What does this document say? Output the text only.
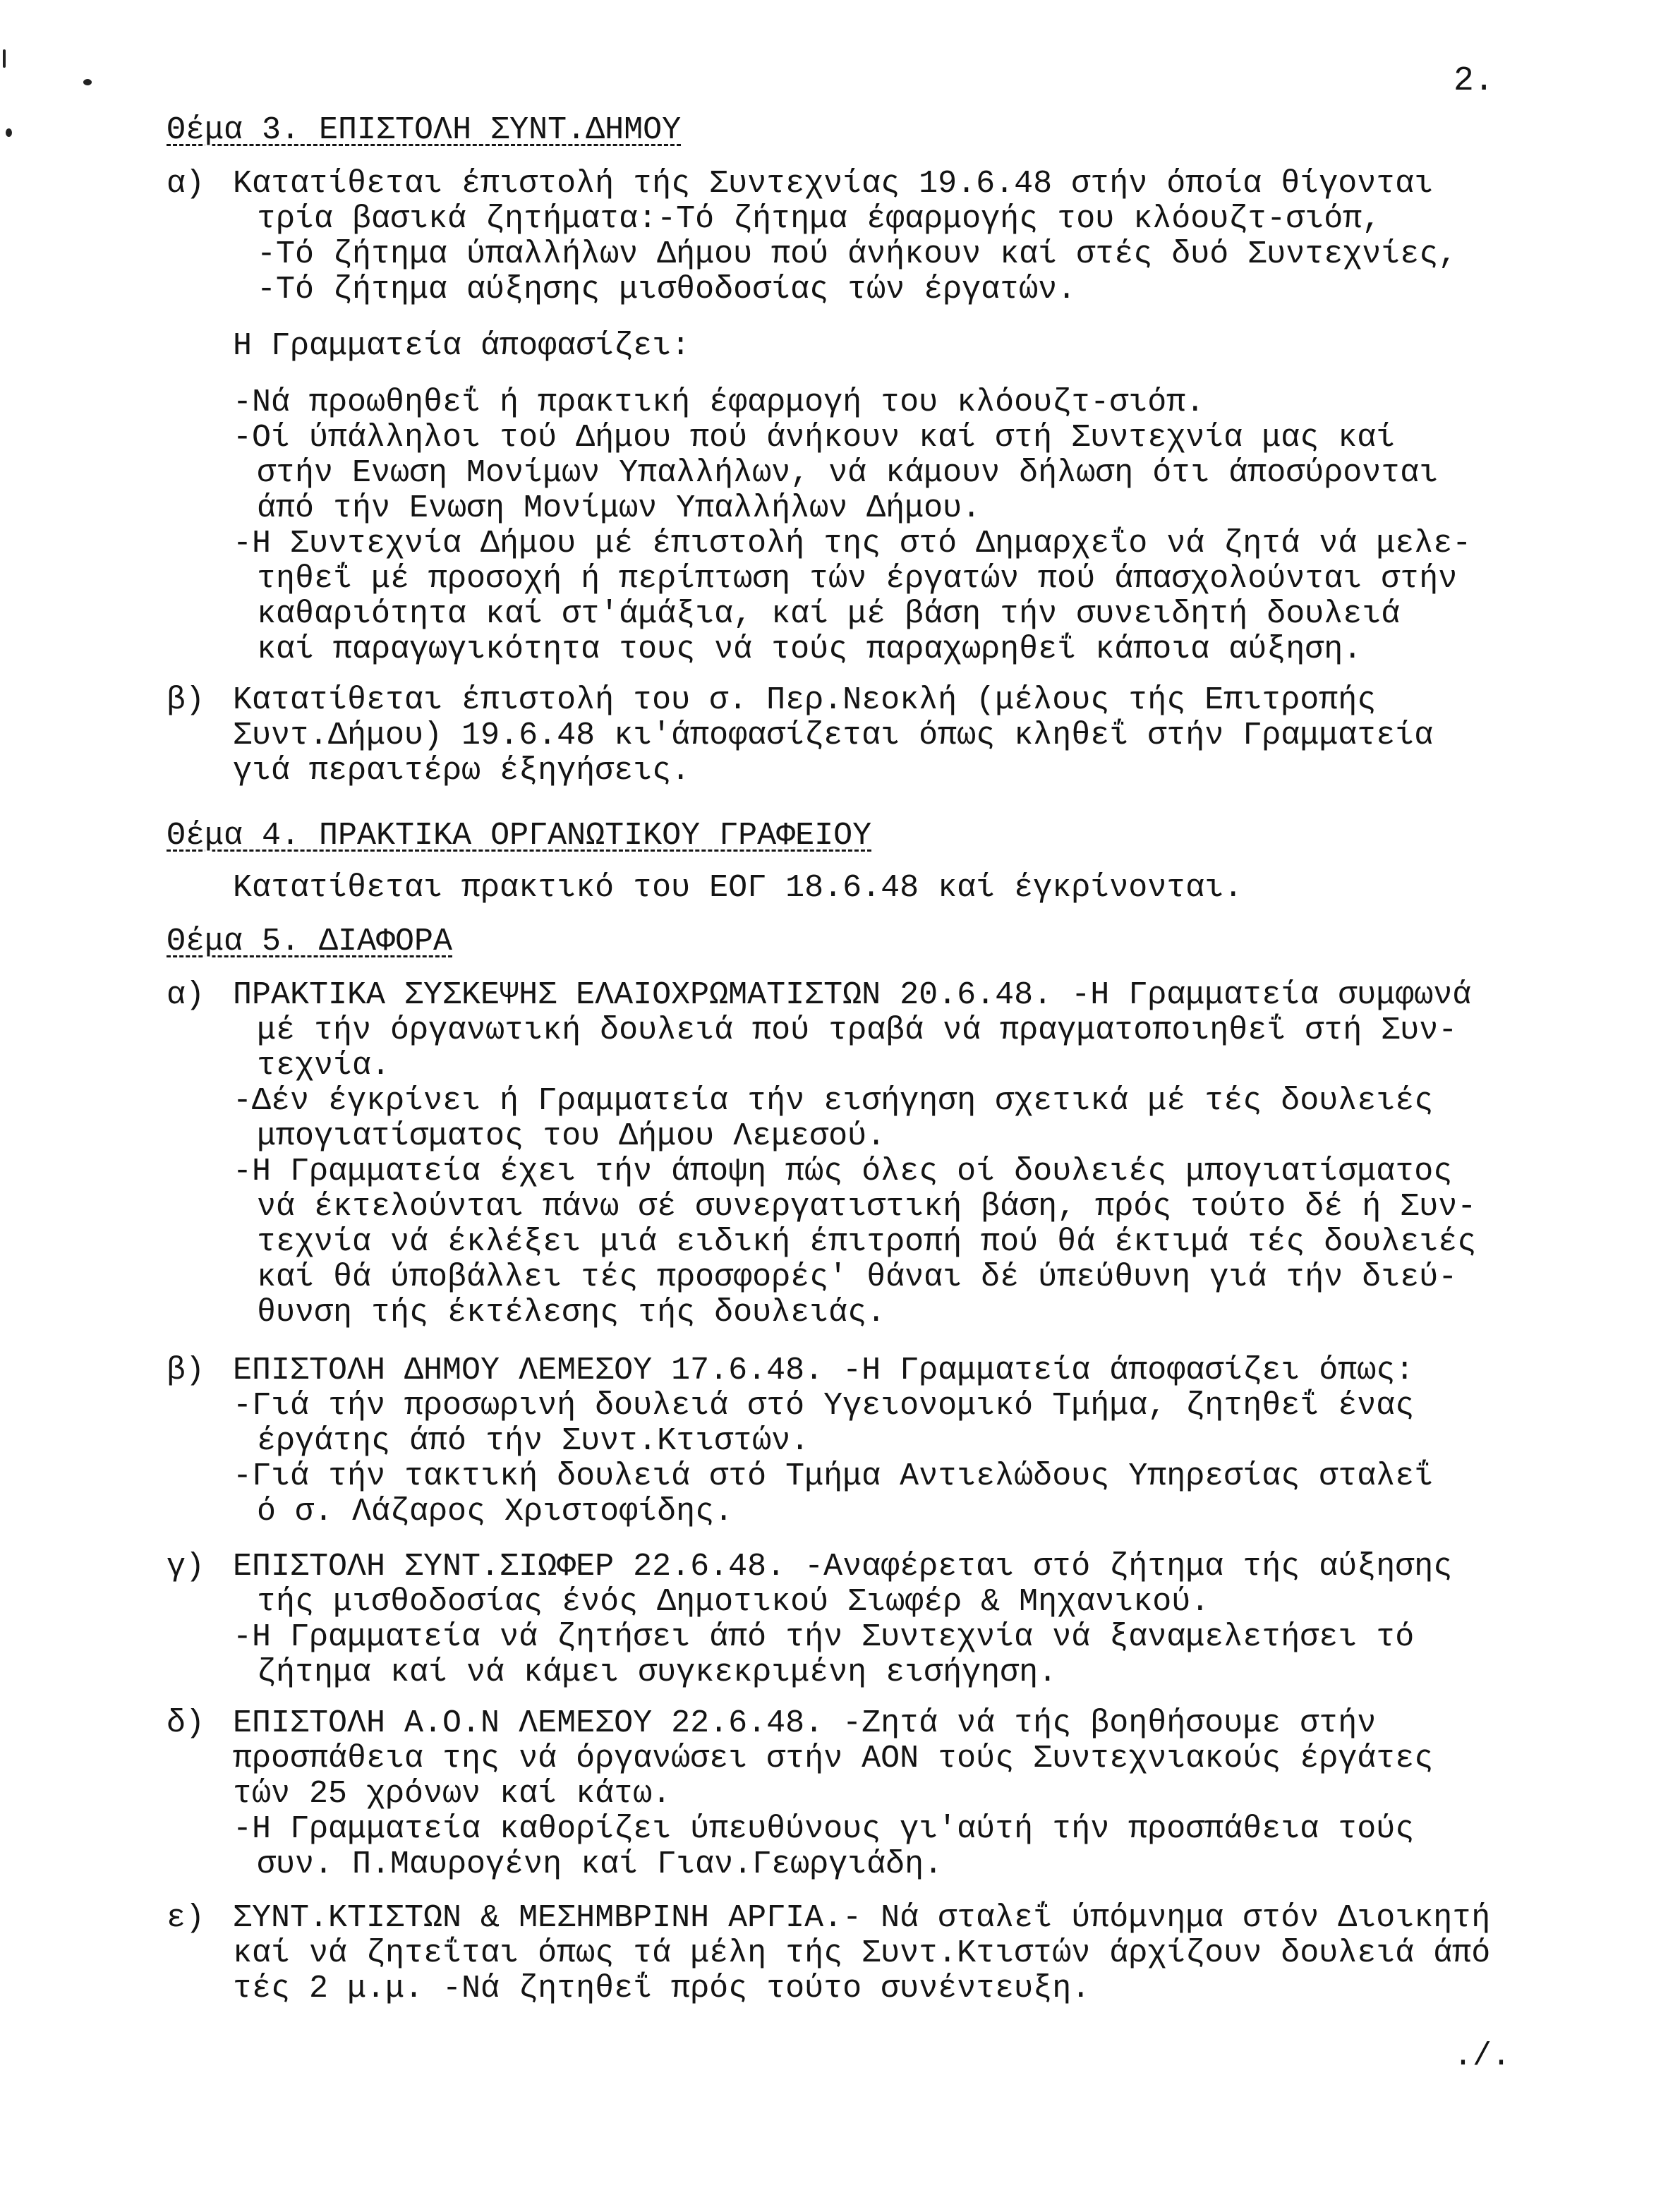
2.
Θέμα 3. ΕΠΙΣΤΟΛΗ ΣΥΝΤ.ΔΗΜΟΥ
α) Κατατίθεται έπιστολή τής Συντεχνίας 19.6.48 στήν όποία θίγονται
τρία βασικά ζητήματα:-Τό ζήτημα έφαρμογής του κλόουζτ-σιόπ,
-Τό ζήτημα ύπαλλήλων Δήμου πού άνήκουν καί στές δυό Συντεχνίες,
-Τό ζήτημα αύξησης μισθοδοσίας τών έργατών.
Η Γραμματεία άποφασίζει:
-Νά προωθηθεΐ ή πρακτική έφαρμογή του κλόουζτ-σιόπ.
-Οί ύπάλληλοι τού Δήμου πού άνήκουν καί στή Συντεχνία μας καί
στήν Ενωση Μονίμων Υπαλλήλων, νά κάμουν δήλωση ότι άποσύρονται
άπό τήν Ενωση Μονίμων Υπαλλήλων Δήμου.
-Η Συντεχνία Δήμου μέ έπιστολή της στό Δημαρχεΐο νά ζητά νά μελε-
τηθεΐ μέ προσοχή ή περίπτωση τών έργατών πού άπασχολούνται στήν
καθαριότητα καί στ'άμάξια, καί μέ βάση τήν συνειδητή δουλειά
καί παραγωγικότητα τους νά τούς παραχωρηθεΐ κάποια αύξηση.
β) Κατατίθεται έπιστολή του σ. Περ.Νεοκλή (μέλους τής Επιτροπής
Συντ.Δήμου) 19.6.48 κι'άποφασίζεται όπως κληθεΐ στήν Γραμματεία
γιά περαιτέρω έξηγήσεις.
Θέμα 4. ΠΡΑΚΤΙΚΑ ΟΡΓΑΝΩΤΙΚΟΥ ΓΡΑΦΕΙΟΥ
Κατατίθεται πρακτικό του ΕΟΓ 18.6.48 καί έγκρίνονται.
Θέμα 5. ΔΙΑΦΟΡΑ
α) ΠΡΑΚΤΙΚΑ ΣΥΣΚΕΨΗΣ ΕΛΑΙΟΧΡΩΜΑΤΙΣΤΩΝ 20.6.48. -Η Γραμματεία συμφωνά
μέ τήν όργανωτική δουλειά πού τραβά νά πραγματοποιηθεΐ στή Συν-
τεχνία.
-Δέν έγκρίνει ή Γραμματεία τήν εισήγηση σχετικά μέ τές δουλειές
μπογιατίσματος του Δήμου Λεμεσού.
-Η Γραμματεία έχει τήν άποψη πώς όλες οί δουλειές μπογιατίσματος
νά έκτελούνται πάνω σέ συνεργατιστική βάση, πρός τούτο δέ ή Συν-
τεχνία νά έκλέξει μιά ειδική έπιτροπή πού θά έκτιμά τές δουλειές
καί θά ύποβάλλει τές προσφορές' θάναι δέ ύπεύθυνη γιά τήν διεύ-
θυνση τής έκτέλεσης τής δουλειάς.
β) ΕΠΙΣΤΟΛΗ ΔΗΜΟΥ ΛΕΜΕΣΟΥ 17.6.48. -Η Γραμματεία άποφασίζει όπως:
-Γιά τήν προσωρινή δουλειά στό Υγειονομικό Τμήμα, ζητηθεΐ ένας
έργάτης άπό τήν Συντ.Κτιστών.
-Γιά τήν τακτική δουλειά στό Τμήμα Αντιελώδους Υπηρεσίας σταλεΐ
ό σ. Λάζαρος Χριστοφίδης.
γ) ΕΠΙΣΤΟΛΗ ΣΥΝΤ.ΣΙΩΦΕΡ 22.6.48. -Αναφέρεται στό ζήτημα τής αύξησης
τής μισθοδοσίας ένός Δημοτικού Σιωφέρ & Μηχανικού.
-Η Γραμματεία νά ζητήσει άπό τήν Συντεχνία νά ξαναμελετήσει τό
ζήτημα καί νά κάμει συγκεκριμένη εισήγηση.
δ) ΕΠΙΣΤΟΛΗ Α.Ο.Ν ΛΕΜΕΣΟΥ 22.6.48. -Ζητά νά τής βοηθήσουμε στήν
προσπάθεια της νά όργανώσει στήν ΑΟΝ τούς Συντεχνιακούς έργάτες
τών 25 χρόνων καί κάτω.
-Η Γραμματεία καθορίζει ύπευθύνους γι'αύτή τήν προσπάθεια τούς
συν. Π.Μαυρογένη καί Γιαν.Γεωργιάδη.
ε) ΣΥΝΤ.ΚΤΙΣΤΩΝ & ΜΕΣΗΜΒΡΙΝΗ ΑΡΓΙΑ.- Νά σταλεΐ ύπόμνημα στόν Διοικητή
καί νά ζητεΐται όπως τά μέλη τής Συντ.Κτιστών άρχίζουν δουλειά άπό
τές 2 μ.μ. -Νά ζητηθεΐ πρός τούτο συνέντευξη.
./.
